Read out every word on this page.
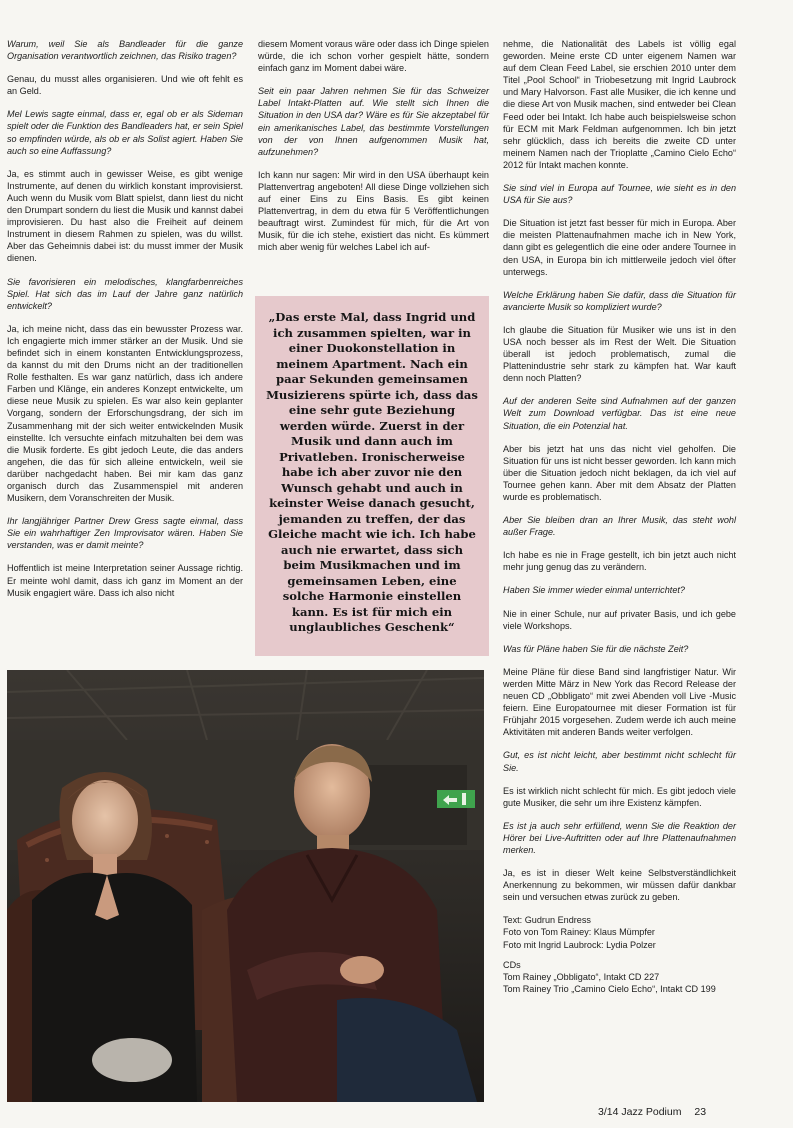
Warum, weil Sie als Bandleader für die ganze Organisation verantwortlich zeichnen, das Risiko tragen?

Genau, du musst alles organisieren. Und wie oft fehlt es an Geld.

Mel Lewis sagte einmal, dass er, egal ob er als Sideman spielt oder die Funktion des Bandleaders hat, er sein Spiel so empfinden würde, als ob er als Solist agiert. Haben Sie auch so eine Auffassung?

Ja, es stimmt auch in gewisser Weise, es gibt wenige Instrumente, auf denen du wirklich konstant improvisierst. Auch wenn du Musik vom Blatt spielst, dann liest du nicht den Drumpart sondern du liest die Musik und kannst dabei improvisieren. Du hast also die Freiheit auf deinem Instrument in diesem Rahmen zu spielen, was du willst. Aber das Geheimnis dabei ist: du musst immer der Musik dienen.

Sie favorisieren ein melodisches, klangfarbenreiches Spiel. Hat sich das im Lauf der Jahre ganz natürlich entwickelt?

Ja, ich meine nicht, dass das ein bewusster Prozess war. Ich engagierte mich immer stärker an der Musik. Und sie befindet sich in einem konstanten Entwicklungsprozess, da kannst du mit den Drums nicht an der traditionellen Rolle festhalten. Es war ganz natürlich, dass ich andere Farben und Klänge, ein anderes Konzept entwickelte, um diese neue Musik zu spielen. Es war also kein geplanter Vorgang, sondern der Erforschungsdrang, der sich im Zusammenhang mit der sich weiter entwickelnden Musik einstellte. Ich versuchte einfach mitzuhalten bei dem was die Musik forderte. Es gibt jedoch Leute, die das anders angehen, die das für sich alleine entwickeln, weil sie darüber nachgedacht haben. Bei mir kam das ganz organisch durch das Zusammenspiel mit anderen Musikern, dem Voranschreiten der Musik.

Ihr langjähriger Partner Drew Gress sagte einmal, dass Sie ein wahrhaftiger Zen Improvisator wären. Haben Sie verstanden, was er damit meinte?

Hoffentlich ist meine Interpretation seiner Aussage richtig. Er meinte wohl damit, dass ich ganz im Moment an der Musik engagiert wäre. Dass ich also nicht

diesem Moment voraus wäre oder dass ich Dinge spielen würde, die ich schon vorher gespielt hätte, sondern einfach ganz im Moment dabei wäre.

Seit ein paar Jahren nehmen Sie für das Schweizer Label Intakt-Platten auf. Wie stellt sich Ihnen die Situation in den USA dar? Wäre es für Sie akzeptabel für ein amerikanisches Label, das bestimmte Vorstellungen von der von Ihnen aufgenommen Musik hat, aufzunehmen?

Ich kann nur sagen: Mir wird in den USA überhaupt kein Plattenvertrag angeboten! All diese Dinge vollziehen sich auf einer Eins zu Eins Basis. Es gibt keinen Plattenvertrag, in dem du etwa für 5 Veröffentlichungen beauftragt wirst. Zumindest für mich, für die Art von Musik, für die ich stehe, existiert das nicht. Es kümmert mich aber wenig für welches Label ich auf-

„Das erste Mal, dass Ingrid und ich zusammen spielten, war in einer Duokonstellation in meinem Apartment. Nach ein paar Sekunden gemeinsamen Musizierens spürte ich, dass das eine sehr gute Beziehung werden würde. Zuerst in der Musik und dann auch im Privatleben. Ironischerweise habe ich aber zuvor nie den Wunsch gehabt und auch in keinster Weise danach gesucht, jemanden zu treffen, der das Gleiche macht wie ich. Ich habe auch nie erwartet, dass sich beim Musikmachen und im gemeinsamen Leben, eine solche Harmonie einstellen kann. Es ist für mich ein unglaubliches Geschenk“

nehme, die Nationalität des Labels ist völlig egal geworden. Meine erste CD unter eigenem Namen war auf dem Clean Feed Label, sie erschien 2010 unter dem Titel „Pool School“ in Triobesetzung mit Ingrid Laubrock und Mary Halvorson. Fast alle Musiker, die ich kenne und die diese Art von Musik machen, sind entweder bei Clean Feed oder bei Intakt. Ich habe auch beispielsweise schon für ECM mit Mark Feldman aufgenommen. Ich bin jetzt sehr glücklich, dass ich bereits die zweite CD unter meinem Namen nach der Trioplatte „Camino Cielo Echo“ 2012 für Intakt machen konnte.

Sie sind viel in Europa auf Tournee, wie sieht es in den USA für Sie aus?

Die Situation ist jetzt fast besser für mich in Europa. Aber die meisten Plattenaufnahmen mache ich in New York, dann gibt es gelegentlich die eine oder andere Tournee in den USA, in Europa bin ich mittlerweile jedoch viel öfter unterwegs.

Welche Erklärung haben Sie dafür, dass die Situation für avancierte Musik so kompliziert wurde?

Ich glaube die Situation für Musiker wie uns ist in den USA noch besser als im Rest der Welt. Die Situation überall ist jedoch problematisch, zumal die Plattenindustrie sehr stark zu kämpfen hat. War kauft denn noch Platten?

Auf der anderen Seite sind Aufnahmen auf der ganzen Welt zum Download verfügbar. Das ist eine neue Situation, die ein Potenzial hat.

Aber bis jetzt hat uns das nicht viel geholfen. Die Situation für uns ist nicht besser geworden. Ich kann mich über die Situation jedoch nicht beklagen, da ich viel auf Tournee gehen kann. Aber mit dem Absatz der Platten wurde es problematisch.

Aber Sie bleiben dran an Ihrer Musik, das steht wohl außer Frage.

Ich habe es nie in Frage gestellt, ich bin jetzt auch nicht mehr jung genug das zu verändern.

Haben Sie immer wieder einmal unterrichtet?

Nie in einer Schule, nur auf privater Basis, und ich gebe viele Workshops.

Was für Pläne haben Sie für die nächste Zeit?

Meine Pläne für diese Band sind langfristiger Natur. Wir werden Mitte März in New York das Record Release der neuen CD „Obbligato“ mit zwei Abenden voll Live -Music feiern. Eine Europatournee mit dieser Formation ist für Frühjahr 2015 vorgesehen. Zudem werde ich auch meine Aktivitäten mit anderen Bands weiter verfolgen.

Gut, es ist nicht leicht, aber bestimmt nicht schlecht für Sie.

Es ist wirklich nicht schlecht für mich. Es gibt jedoch viele gute Musiker, die sehr um ihre Existenz kämpfen.

Es ist ja auch sehr erfüllend, wenn Sie die Reaktion der Hörer bei Live-Auftritten oder auf Ihre Plattenaufnahmen merken.

Ja, es ist in dieser Welt keine Selbstverständlichkeit Anerkennung zu bekommen, wir müssen dafür dankbar sein und versuchen etwas zurück zu geben.

Text: Gudrun Endress
Foto von Tom Rainey: Klaus Mümpfer
Foto mit Ingrid Laubrock: Lydia Polzer
CDs
Tom Rainey „Obbligato“, Intakt CD 227
Tom Rainey Trio „Camino Cielo Echo“, Intakt CD 199
3/14 Jazz Podium 23
